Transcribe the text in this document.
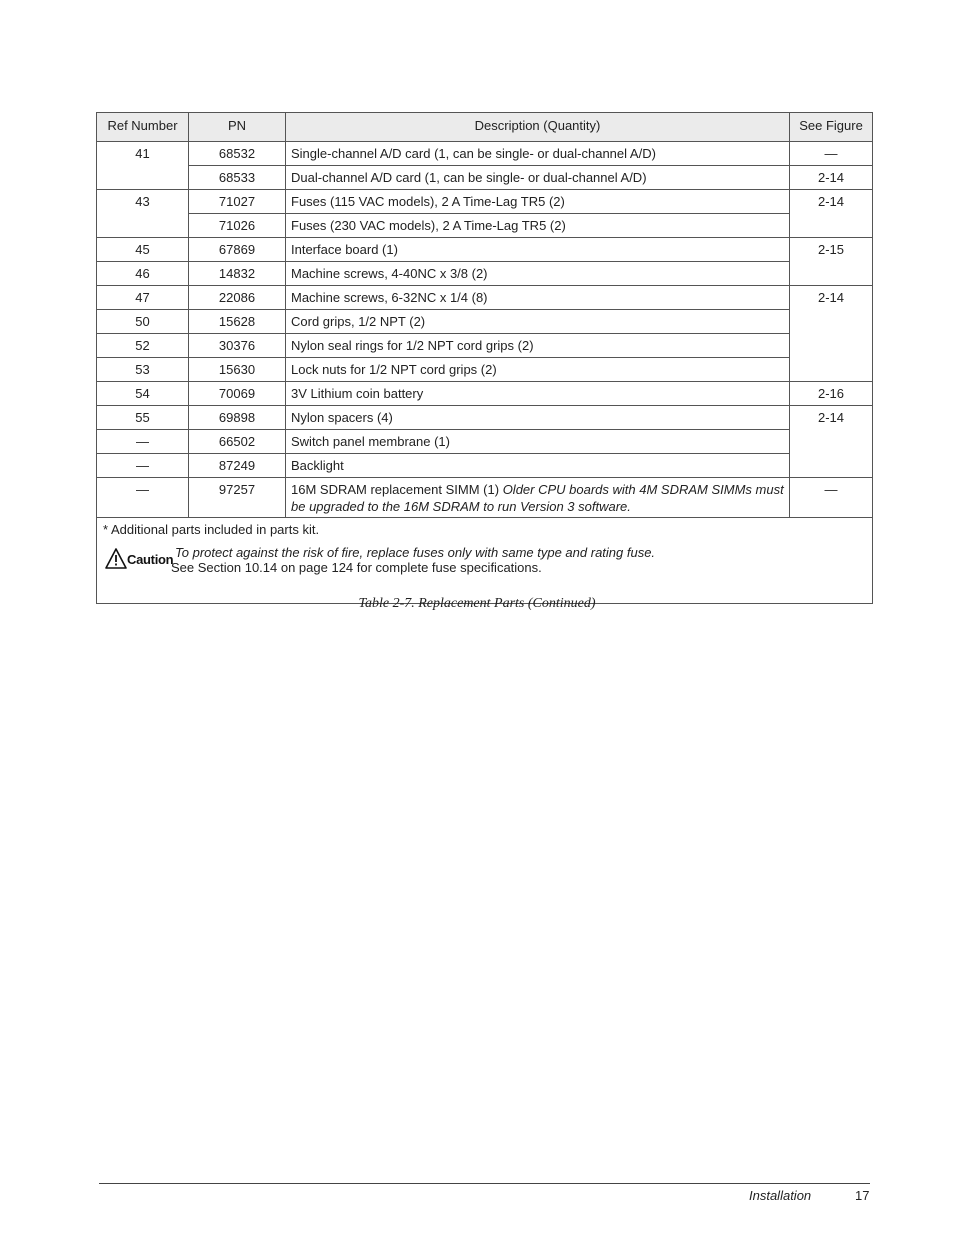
Ref Number	PN	Description (Quantity)	See Figure
41	68532	Single-channel A/D card (1, can be single- or dual-channel A/D)	—
	68533	Dual-channel A/D card (1, can be single- or dual-channel A/D)	2-14
43	71027	Fuses (115 VAC models), 2 A Time-Lag TR5 (2)	2-14
	71026	Fuses (230 VAC models), 2 A Time-Lag TR5 (2)	
45	67869	Interface board (1)	2-15
46	14832	Machine screws, 4-40NC x 3/8 (2)	
47	22086	Machine screws, 6-32NC x 1/4 (8)	2-14
50	15628	Cord grips, 1/2 NPT (2)	
52	30376	Nylon seal rings for 1/2 NPT cord grips (2)	
53	15630	Lock nuts for 1/2 NPT cord grips (2)	
54	70069	3V Lithium coin battery	2-16
55	69898	Nylon spacers (4)	2-14
—	66502	Switch panel membrane (1)	
—	87249	Backlight	
—	97257	16M SDRAM replacement SIMM (1) Older CPU boards with 4M SDRAM SIMMs must be upgraded to the 16M SDRAM to run Version 3 software.	—

* Additional parts included in parts kit.
Caution To protect against the risk of fire, replace fuses only with same type and rating fuse.
See Section 10.14 on page 124 for complete fuse specifications.			
Table 2-7. Replacement Parts (Continued)
Installation	17
